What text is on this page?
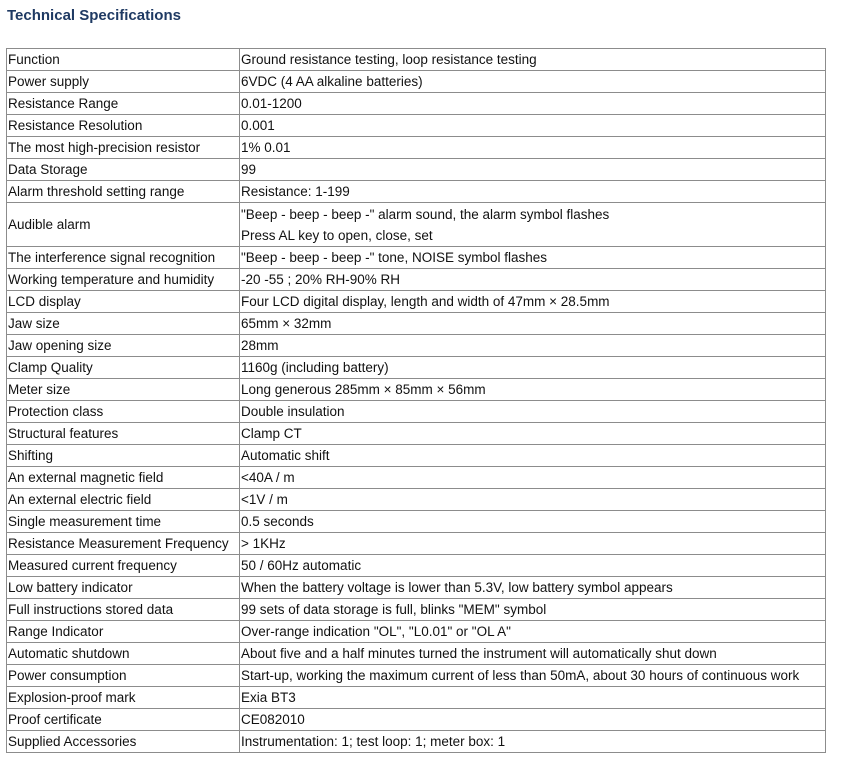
Technical Specifications
Function	Ground resistance testing, loop resistance testing

Power supply	6VDC (4 AA alkaline batteries)

Resistance Range	0.01-1200

Resistance Resolution	0.001

The most high-precision resistor	1% 0.01

Data Storage	99

Alarm threshold setting range	Resistance: 1-199

Audible alarm	"Beep - beep - beep -" alarm sound, the alarm symbol flashes
Press AL key to open, close, set

The interference signal recognition	"Beep - beep - beep -" tone, NOISE symbol flashes

Working temperature and humidity	-20 -55 ; 20% RH-90% RH

LCD display	Four LCD digital display, length and width of 47mm × 28.5mm

Jaw size	65mm × 32mm

Jaw opening size	28mm

Clamp Quality	1160g (including battery)

Meter size	Long generous 285mm × 85mm × 56mm

Protection class	Double insulation

Structural features	Clamp CT

Shifting	Automatic shift

An external magnetic field	<40A / m

An external electric field	<1V / m

Single measurement time	0.5 seconds

Resistance Measurement Frequency	> 1KHz

Measured current frequency	50 / 60Hz automatic

Low battery indicator	When the battery voltage is lower than 5.3V, low battery symbol appears

Full instructions stored data	99 sets of data storage is full, blinks "MEM" symbol

Range Indicator	Over-range indication "OL", "L0.01" or "OL A"

Automatic shutdown	About five and a half minutes turned the instrument will automatically shut down

Power consumption	Start-up, working the maximum current of less than 50mA, about 30 hours of continuous work

Explosion-proof mark	Exia BT3

Proof certificate	CE082010

Supplied Accessories	Instrumentation: 1; test loop: 1; meter box: 1
